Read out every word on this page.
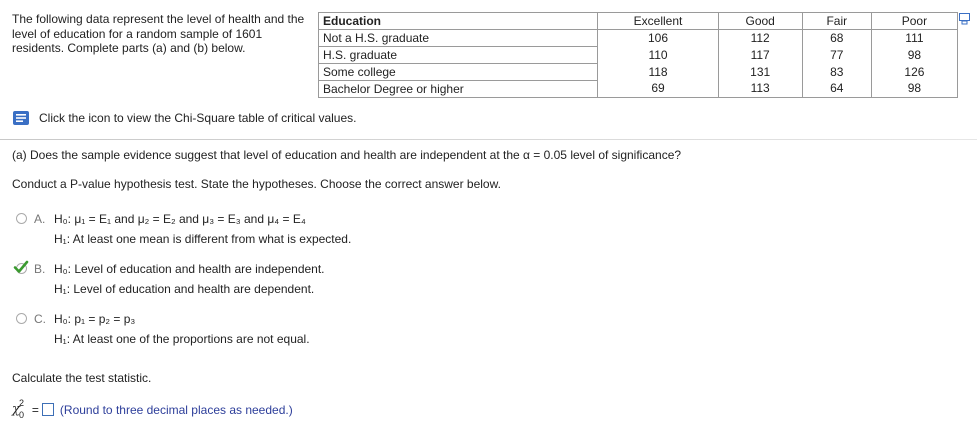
The following data represent the level of health and the level of education for a random sample of 1601 residents. Complete parts (a) and (b) below.
Education	Excellent	Good	Fair	Poor
Not a H.S. graduate	106	112	68	111
H.S. graduate	110	117	77	98
Some college	118	131	83	126
Bachelor Degree or higher	69	113	64	98
Click the icon to view the Chi-Square table of critical values.
(a) Does the sample evidence suggest that level of education and health are independent at the α = 0.05 level of significance?
Conduct a P-value hypothesis test. State the hypotheses. Choose the correct answer below.
A. H₀: μ₁ = E₁ and μ₂ = E₂ and μ₃ = E₃ and μ₄ = E₄
H₁: At least one mean is different from what is expected.
B. H₀: Level of education and health are independent.
H₁: Level of education and health are dependent.
C. H₀: p₁ = p₂ = p₃
H₁: At least one of the proportions are not equal.
Calculate the test statistic.
χ 2
0 = (Round to three decimal places as needed.)
